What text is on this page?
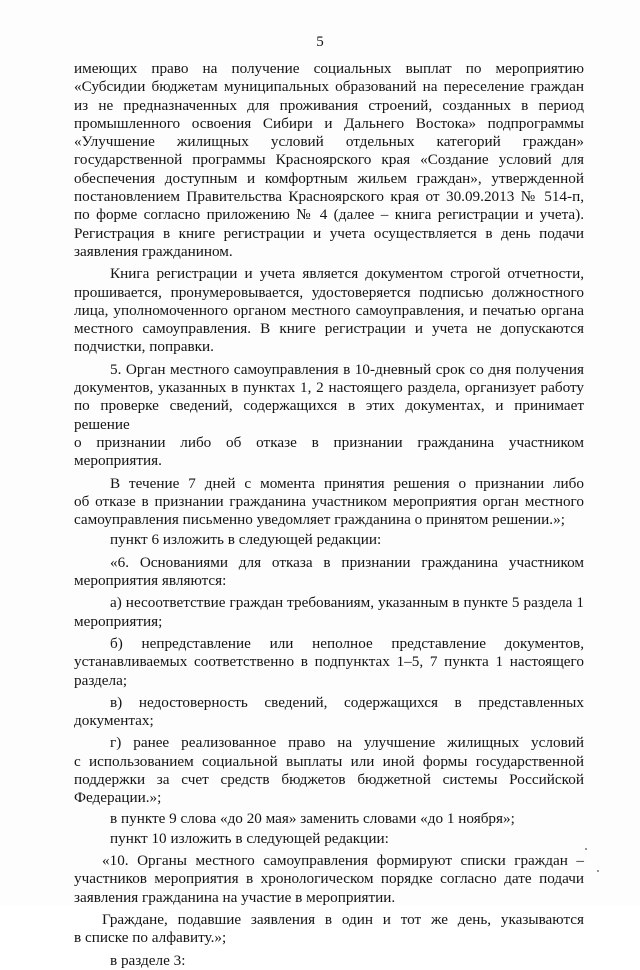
5
имеющих право на получение социальных выплат по мероприятию
«Субсидии бюджетам муниципальных образований на переселение граждан
из не предназначенных для проживания строений, созданных в период
промышленного освоения Сибири и Дальнего Востока» подпрограммы
«Улучшение жилищных условий отдельных категорий граждан»
государственной программы Красноярского края «Создание условий для
обеспечения доступным и комфортным жильем граждан», утвержденной
постановлением Правительства Красноярского края от 30.09.2013 № 514-п,
по форме согласно приложению № 4 (далее – книга регистрации и учета).
Регистрация в книге регистрации и учета осуществляется в день подачи
заявления гражданином.
Книга регистрации и учета является документом строгой отчетности,
прошивается, пронумеровывается, удостоверяется подписью должностного
лица, уполномоченного органом местного самоуправления, и печатью органа
местного самоуправления. В книге регистрации и учета не допускаются
подчистки, поправки.
5. Орган местного самоуправления в 10-дневный срок со дня получения
документов, указанных в пунктах 1, 2 настоящего раздела, организует работу
по проверке сведений, содержащихся в этих документах, и принимает решение
о признании либо об отказе в признании гражданина участником мероприятия.
В течение 7 дней с момента принятия решения о признании либо
об отказе в признании гражданина участником мероприятия орган местного
самоуправления письменно уведомляет гражданина о принятом решении.»;
пункт 6 изложить в следующей редакции:
«6. Основаниями для отказа в признании гражданина участником
мероприятия являются:
а) несоответствие граждан требованиям, указанным в пункте 5 раздела 1
мероприятия;
б) непредставление или неполное представление документов,
устанавливаемых соответственно в подпунктах 1–5, 7 пункта 1 настоящего
раздела;
в) недостоверность сведений, содержащихся в представленных
документах;
г) ранее реализованное право на улучшение жилищных условий
с использованием социальной выплаты или иной формы государственной
поддержки за счет средств бюджетов бюджетной системы Российской
Федерации.»;
в пункте 9 слова «до 20 мая» заменить словами «до 1 ноября»;
пункт 10 изложить в следующей редакции:
«10. Органы местного самоуправления формируют списки граждан –
участников мероприятия в хронологическом порядке согласно дате подачи
заявления гражданина на участие в мероприятии.
Граждане, подавшие заявления в один и тот же день, указываются
в списке по алфавиту.»;
в разделе 3:
